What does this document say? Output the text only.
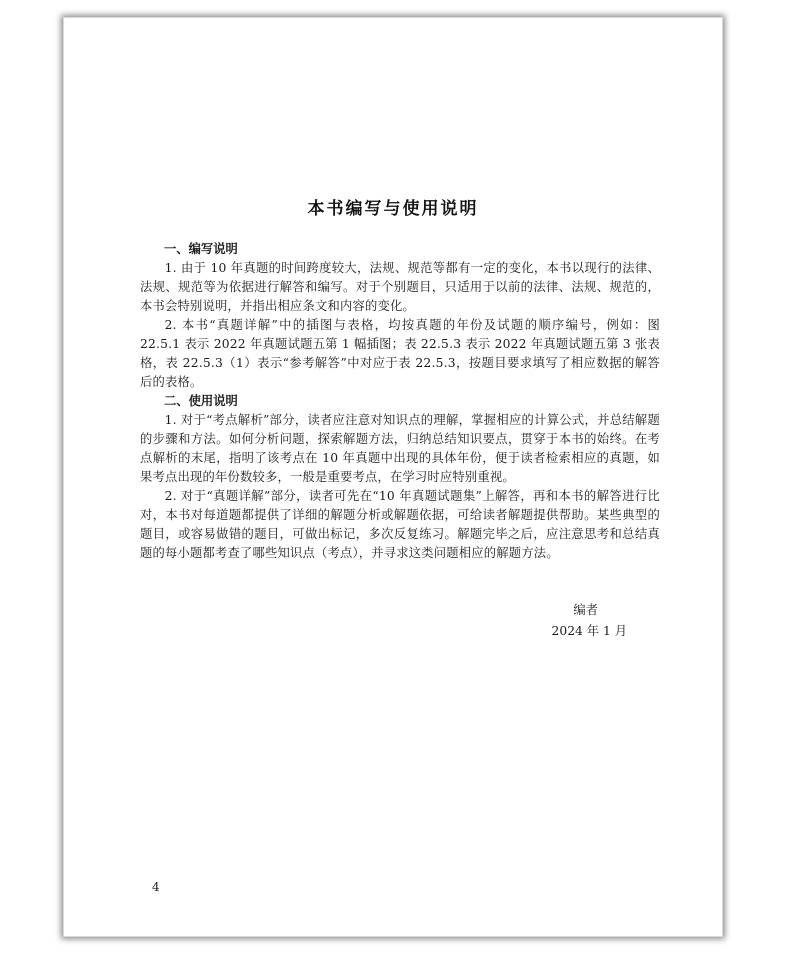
本书编写与使用说明

一、编写说明

1. 由于 10 年真题的时间跨度较大，法规、规范等都有一定的变化，本书以现行的法律、法规、规范等为依据进行解答和编写。对于个别题目，只适用于以前的法律、法规、规范的，本书会特别说明，并指出相应条文和内容的变化。

2. 本书“真题详解”中的插图与表格，均按真题的年份及试题的顺序编号，例如：图 22.5.1 表示 2022 年真题试题五第 1 幅插图；表 22.5.3 表示 2022 年真题试题五第 3 张表格，表 22.5.3（1）表示“参考解答”中对应于表 22.5.3，按题目要求填写了相应数据的解答后的表格。

二、使用说明

1. 对于“考点解析”部分，读者应注意对知识点的理解，掌握相应的计算公式，并总结解题的步骤和方法。如何分析问题，探索解题方法，归纳总结知识要点，贯穿于本书的始终。在考点解析的末尾，指明了该考点在 10 年真题中出现的具体年份，便于读者检索相应的真题，如果考点出现的年份数较多，一般是重要考点，在学习时应特别重视。

2. 对于“真题详解”部分，读者可先在“10 年真题试题集”上解答，再和本书的解答进行比对，本书对每道题都提供了详细的解题分析或解题依据，可给读者解题提供帮助。某些典型的题目，或容易做错的题目，可做出标记，多次反复练习。解题完毕之后，应注意思考和总结真题的每小题都考查了哪些知识点（考点），并寻求这类问题相应的解题方法。

编者
2024 年 1 月
4
